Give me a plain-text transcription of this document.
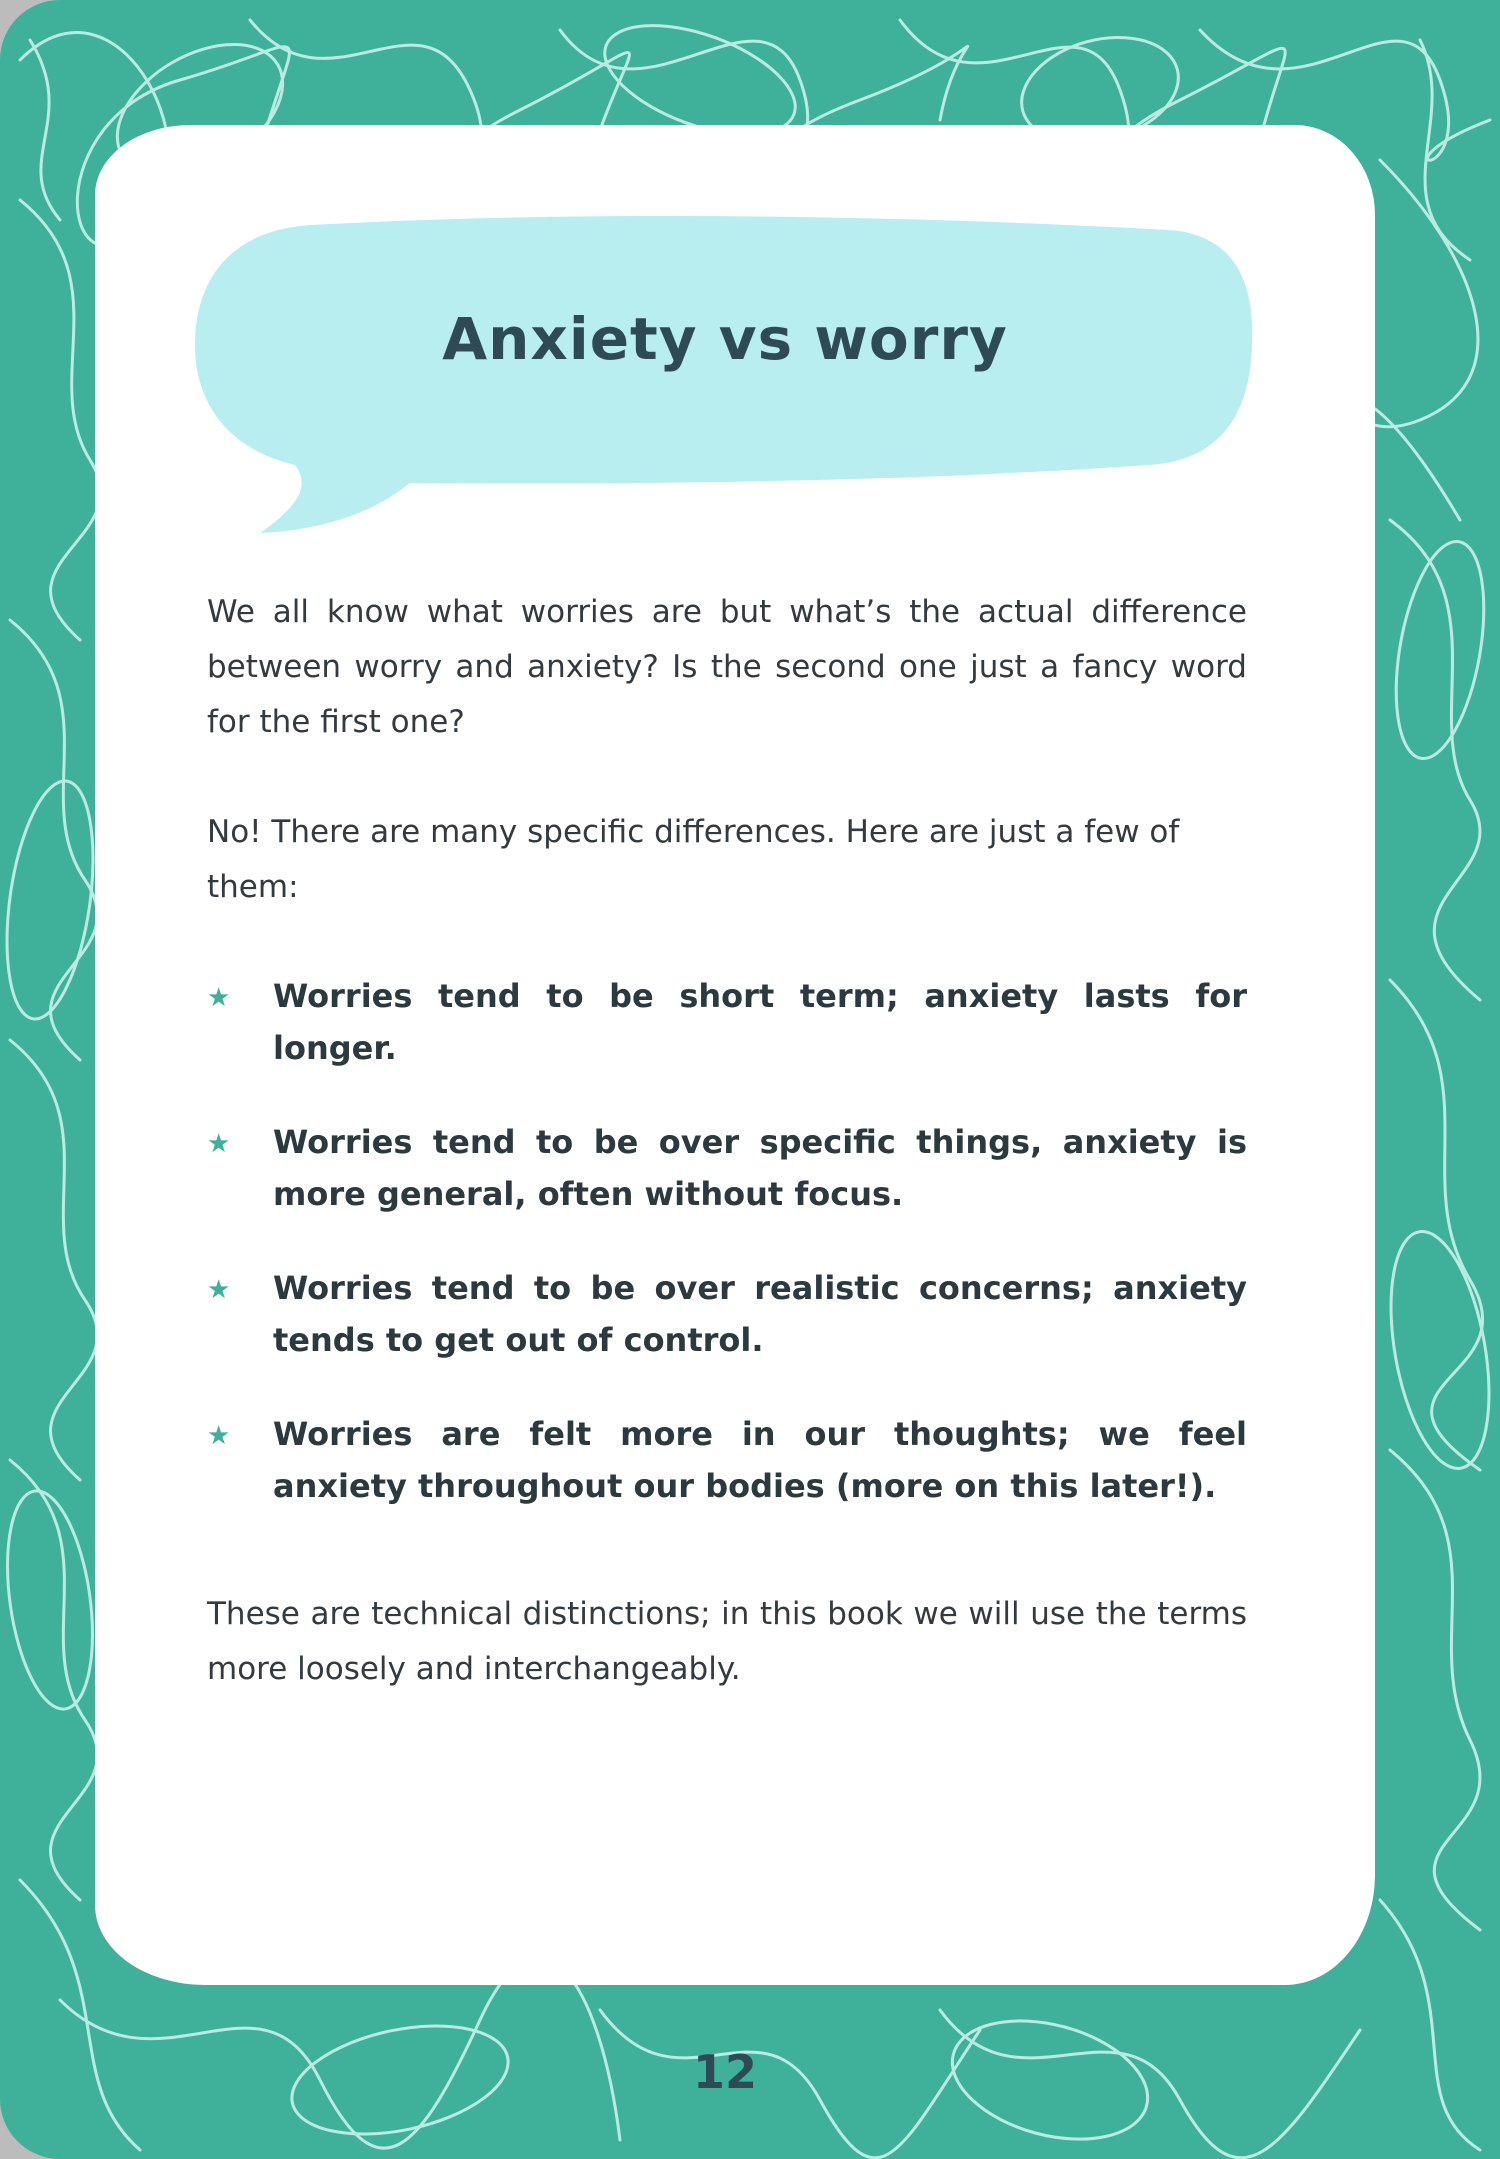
Anxiety vs worry

We all know what worries are but what’s the actual difference between worry and anxiety? Is the second one just a fancy word for the first one?

No! There are many specific differences. Here are just a few of them:

★ Worries tend to be short term; anxiety lasts for longer.
★ Worries tend to be over specific things, anxiety is more general, often without focus.
★ Worries tend to be over realistic concerns; anxiety tends to get out of control.
★ Worries are felt more in our thoughts; we feel anxiety throughout our bodies (more on this later!).

These are technical distinctions; in this book we will use the terms more loosely and interchangeably.

12
